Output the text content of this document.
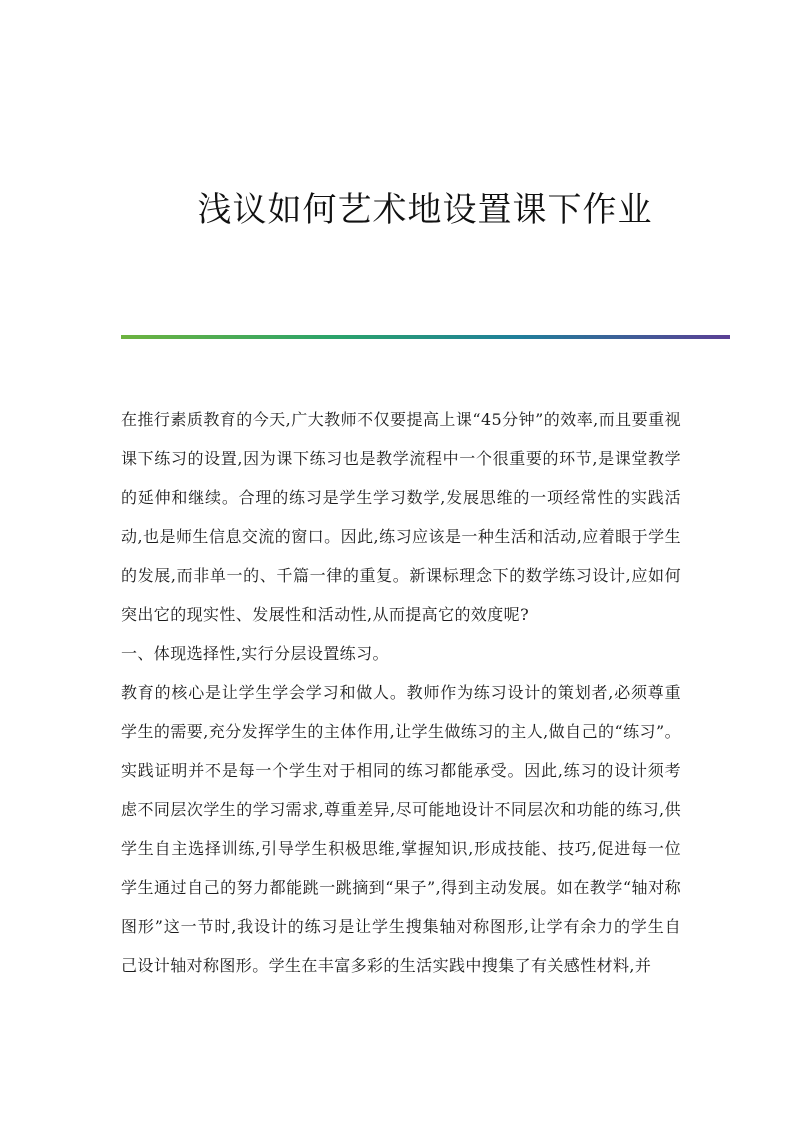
浅议如何艺术地设置课下作业

在推行素质教育的今天,广大教师不仅要提高上课“45分钟”的效率,而且要重视课下练习的设置,因为课下练习也是教学流程中一个很重要的环节,是课堂教学的延伸和继续。合理的练习是学生学习数学,发展思维的一项经常性的实践活动,也是师生信息交流的窗口。因此,练习应该是一种生活和活动,应着眼于学生的发展,而非单一的、千篇一律的重复。新课标理念下的数学练习设计,应如何突出它的现实性、发展性和活动性,从而提高它的效度呢?

一、体现选择性,实行分层设置练习。

教育的核心是让学生学会学习和做人。教师作为练习设计的策划者,必须尊重学生的需要,充分发挥学生的主体作用,让学生做练习的主人,做自己的“练习”。实践证明并不是每一个学生对于相同的练习都能承受。因此,练习的设计须考虑不同层次学生的学习需求,尊重差异,尽可能地设计不同层次和功能的练习,供学生自主选择训练,引导学生积极思维,掌握知识,形成技能、技巧,促进每一位学生通过自己的努力都能跳一跳摘到“果子”,得到主动发展。如在教学“轴对称图形”这一节时,我设计的练习是让学生搜集轴对称图形,让学有余力的学生自己设计轴对称图形。学生在丰富多彩的生活实践中搜集了有关感性材料,并
